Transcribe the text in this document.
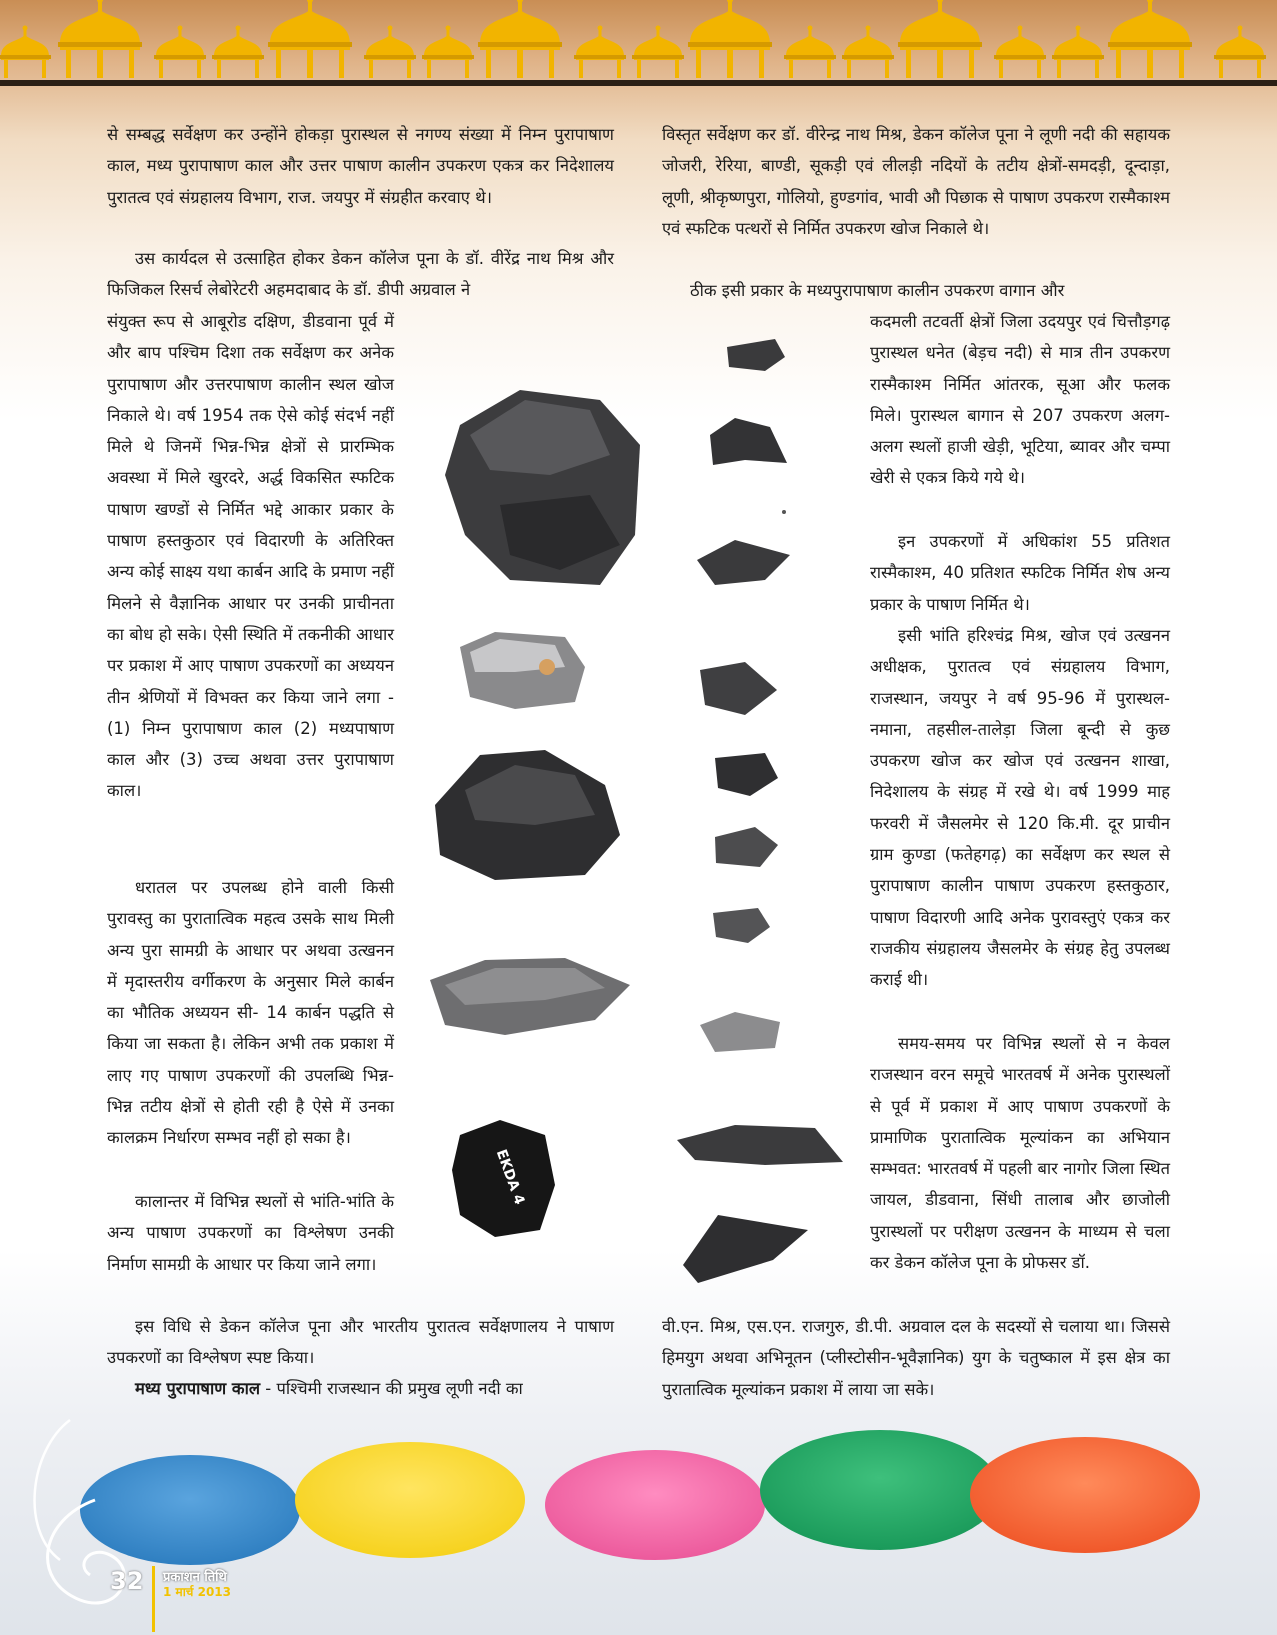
से सम्बद्ध सर्वेक्षण कर उन्होंने होकड़ा पुरास्थल से नगण्य संख्या में निम्न पुरापाषाण काल, मध्य पुरापाषाण काल और उत्तर पाषाण कालीन उपकरण एकत्र कर निदेशालय पुरातत्व एवं संग्रहालय विभाग, राज. जयपुर में संग्रहीत करवाए थे।

उस कार्यदल से उत्साहित होकर डेकन कॉलेज पूना के डॉ. वीरेंद्र नाथ मिश्र और फिजिकल रिसर्च लेबोरेटरी अहमदाबाद के डॉ. डीपी अग्रवाल ने

संयुक्त रूप से आबूरोड दक्षिण, डीडवाना पूर्व में और बाप पश्चिम दिशा तक सर्वेक्षण कर अनेक पुरापाषाण और उत्तरपाषाण कालीन स्थल खोज निकाले थे। वर्ष 1954 तक ऐसे कोई संदर्भ नहीं मिले थे जिनमें भिन्न-भिन्न क्षेत्रों से प्रारम्भिक अवस्था में मिले खुरदरे, अर्द्ध विकसित स्फटिक पाषाण खण्डों से निर्मित भद्दे आकार प्रकार के पाषाण हस्तकुठार एवं विदारणी के अतिरिक्त अन्य कोई साक्ष्य यथा कार्बन आदि के प्रमाण नहीं मिलने से वैज्ञानिक आधार पर उनकी प्राचीनता का बोध हो सके। ऐसी स्थिति में तकनीकी आधार पर प्रकाश में आए पाषाण उपकरणों का अध्ययन तीन श्रेणियों में विभक्त कर किया जाने लगा - (1) निम्न पुरापाषाण काल (2) मध्यपाषाण काल और (3) उच्च अथवा उत्तर पुरापाषाण काल।

धरातल पर उपलब्ध होने वाली किसी पुरावस्तु का पुरातात्विक महत्व उसके साथ मिली अन्य पुरा सामग्री के आधार पर अथवा उत्खनन में मृदास्तरीय वर्गीकरण के अनुसार मिले कार्बन का भौतिक अध्ययन सी- 14 कार्बन पद्धति से किया जा सकता है। लेकिन अभी तक प्रकाश में लाए गए पाषाण उपकरणों की उपलब्धि भिन्न-भिन्न तटीय क्षेत्रों से होती रही है ऐसे में उनका कालक्रम निर्धारण सम्भव नहीं हो सका है।

कालान्तर में विभिन्न स्थलों से भांति-भांति के अन्य पाषाण उपकरणों का विश्लेषण उनकी निर्माण सामग्री के आधार पर किया जाने लगा।

इस विधि से डेकन कॉलेज पूना और भारतीय पुरातत्व सर्वेक्षणालय ने पाषाण उपकरणों का विश्लेषण स्पष्ट किया।

मध्य पुरापाषाण काल - पश्चिमी राजस्थान की प्रमुख लूणी नदी का

विस्तृत सर्वेक्षण कर डॉ. वीरेन्द्र नाथ मिश्र, डेकन कॉलेज पूना ने लूणी नदी की सहायक जोजरी, रेरिया, बाण्डी, सूकड़ी एवं लीलड़ी नदियों के तटीय क्षेत्रों-समदड़ी, दून्दाड़ा, लूणी, श्रीकृष्णपुरा, गोलियो, हुण्डगांव, भावी औ पिछाक से पाषाण उपकरण रास्मैकाश्म एवं स्फटिक पत्थरों से निर्मित उपकरण खोज निकाले थे।

ठीक इसी प्रकार के मध्यपुरापाषाण कालीन उपकरण वागान और

कदमली तटवर्ती क्षेत्रों जिला उदयपुर एवं चित्तौड़गढ़ पुरास्थल धनेत (बेड़च नदी) से मात्र तीन उपकरण रास्मैकाश्म निर्मित आंतरक, सूआ और फलक मिले। पुरास्थल बागान से 207 उपकरण अलग-अलग स्थलों हाजी खेड़ी, भूटिया, ब्यावर और चम्पा खेरी से एकत्र किये गये थे।

इन उपकरणों में अधिकांश 55 प्रतिशत रास्मैकाश्म, 40 प्रतिशत स्फटिक निर्मित शेष अन्य प्रकार के पाषाण निर्मित थे।

इसी भांति हरिश्चंद्र मिश्र, खोज एवं उत्खनन अधीक्षक, पुरातत्व एवं संग्रहालय विभाग, राजस्थान, जयपुर ने वर्ष 95-96 में पुरास्थल-नमाना, तहसील-तालेड़ा जिला बून्दी से कुछ उपकरण खोज कर खोज एवं उत्खनन शाखा, निदेशालय के संग्रह में रखे थे। वर्ष 1999 माह फरवरी में जैसलमेर से 120 कि.मी. दूर प्राचीन ग्राम कुण्डा (फतेहगढ़) का सर्वेक्षण कर स्थल से पुरापाषाण कालीन पाषाण उपकरण हस्तकुठार, पाषाण विदारणी आदि अनेक पुरावस्तुएं एकत्र कर राजकीय संग्रहालय जैसलमेर के संग्रह हेतु उपलब्ध कराई थी।

समय-समय पर विभिन्न स्थलों से न केवल राजस्थान वरन समूचे भारतवर्ष में अनेक पुरास्थलों से पूर्व में प्रकाश में आए पाषाण उपकरणों के प्रामाणिक पुरातात्विक मूल्यांकन का अभियान सम्भवत: भारतवर्ष में पहली बार नागोर जिला स्थित जायल, डीडवाना, सिंधी तालाब और छाजोली पुरास्थलों पर परीक्षण उत्खनन के माध्यम से चला कर डेकन कॉलेज पूना के प्रोफसर डॉ.

वी.एन. मिश्र, एस.एन. राजगुरु, डी.पी. अग्रवाल दल के सदस्यों से चलाया था। जिससे हिमयुग अथवा अभिनूतन (प्लीस्टोसीन-भूवैज्ञानिक) युग के चतुष्काल में इस क्षेत्र का पुरातात्विक मूल्यांकन प्रकाश में लाया जा सके।

EKDA 4
32 प्रकाशन तिथि
1 मार्च 2013
